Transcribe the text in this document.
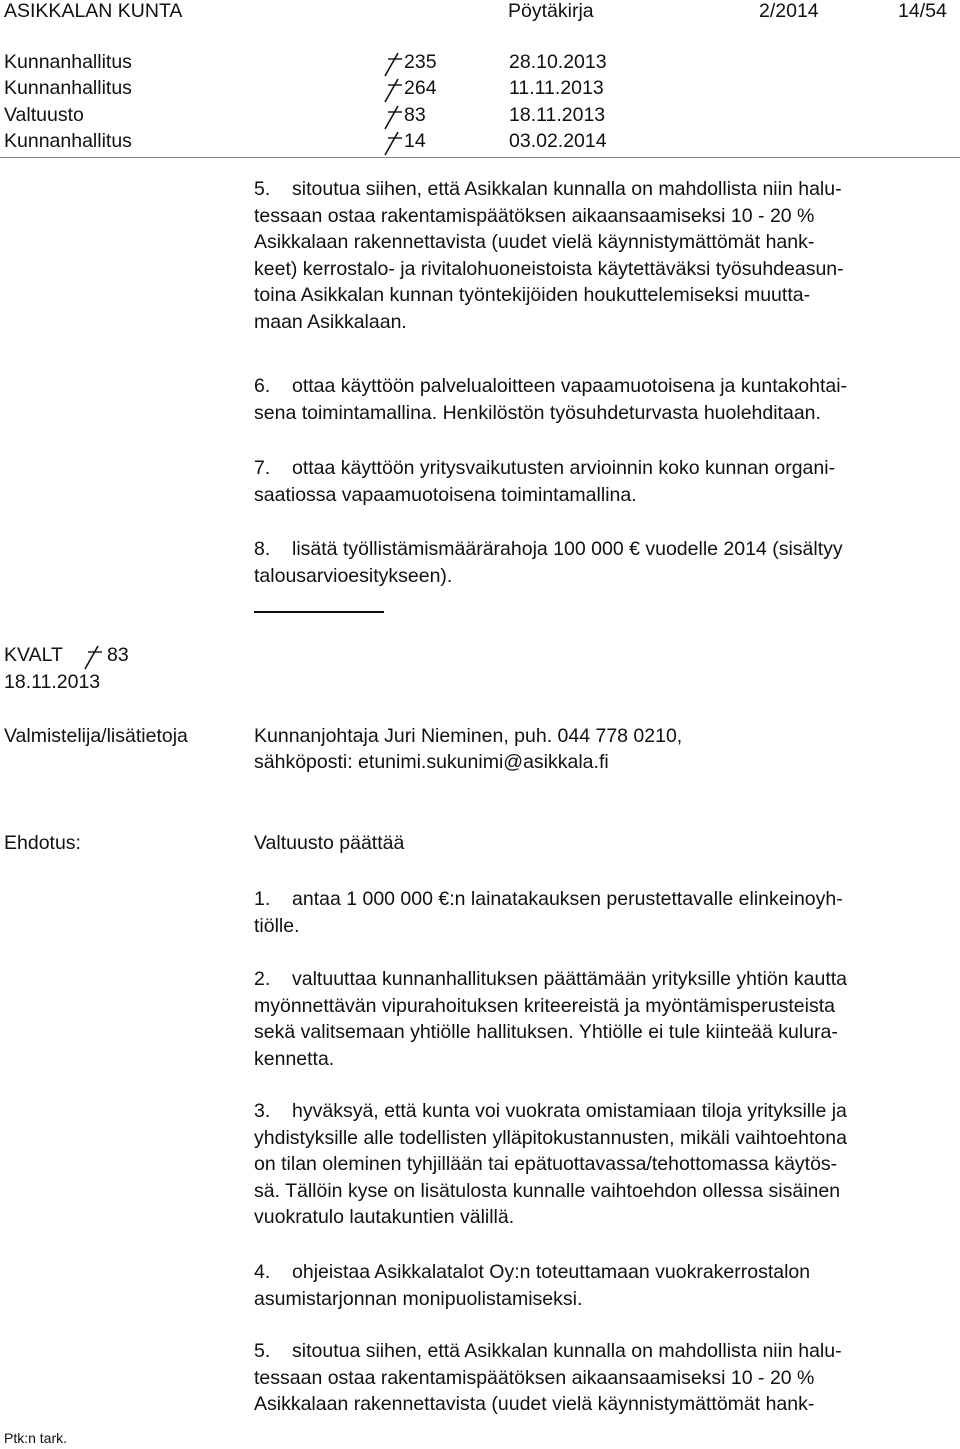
ASIKKALAN KUNTA	Pöytäkirja	2/2014	14/54
Kunnanhallitus	235	28.10.2013
Kunnanhallitus	264	11.11.2013
Valtuusto	83	18.11.2013
Kunnanhallitus	14	03.02.2014
5. sitoutua siihen, että Asikkalan kunnalla on mahdollista niin halu-
tessaan ostaa rakentamispäätöksen aikaansaamiseksi 10 - 20 %
Asikkalaan rakennettavista (uudet vielä käynnistymättömät hank-
keet) kerrostalo- ja rivitalohuoneistoista käytettäväksi työsuhdeasun-
toina Asikkalan kunnan työntekijöiden houkuttelemiseksi muutta-
maan Asikkalaan.
6. ottaa käyttöön palvelualoitteen vapaamuotoisena ja kuntakohtai-
sena toimintamallina. Henkilöstön työsuhdeturvasta huolehditaan.
7. ottaa käyttöön yritysvaikutusten arvioinnin koko kunnan organi-
saatiossa vapaamuotoisena toimintamallina.
8. lisätä työllistämismäärärahoja 100 000 € vuodelle 2014 (sisältyy
talousarvioesitykseen).
KVALT 83
18.11.2013
Valmistelija/lisätietoja	Kunnanjohtaja Juri Nieminen, puh. 044 778 0210,
sähköposti: etunimi.sukunimi@asikkala.fi
Ehdotus:	Valtuusto päättää
1. antaa 1 000 000 €:n lainatakauksen perustettavalle elinkeinoyh-
tiölle.
2. valtuuttaa kunnanhallituksen päättämään yrityksille yhtiön kautta
myönnettävän vipurahoituksen kriteereistä ja myöntämisperusteista
sekä valitsemaan yhtiölle hallituksen. Yhtiölle ei tule kiinteää kulura-
kennetta.
3. hyväksyä, että kunta voi vuokrata omistamiaan tiloja yrityksille ja
yhdistyksille alle todellisten ylläpitokustannusten, mikäli vaihtoehtona
on tilan oleminen tyhjillään tai epätuottavassa/tehottomassa käytös-
sä. Tällöin kyse on lisätulosta kunnalle vaihtoehdon ollessa sisäinen
vuokratulo lautakuntien välillä.
4. ohjeistaa Asikkalatalot Oy:n toteuttamaan vuokrakerrostalon
asumistarjonnan monipuolistamiseksi.
5. sitoutua siihen, että Asikkalan kunnalla on mahdollista niin halu-
tessaan ostaa rakentamispäätöksen aikaansaamiseksi 10 - 20 %
Asikkalaan rakennettavista (uudet vielä käynnistymättömät hank-
Ptk:n tark.
